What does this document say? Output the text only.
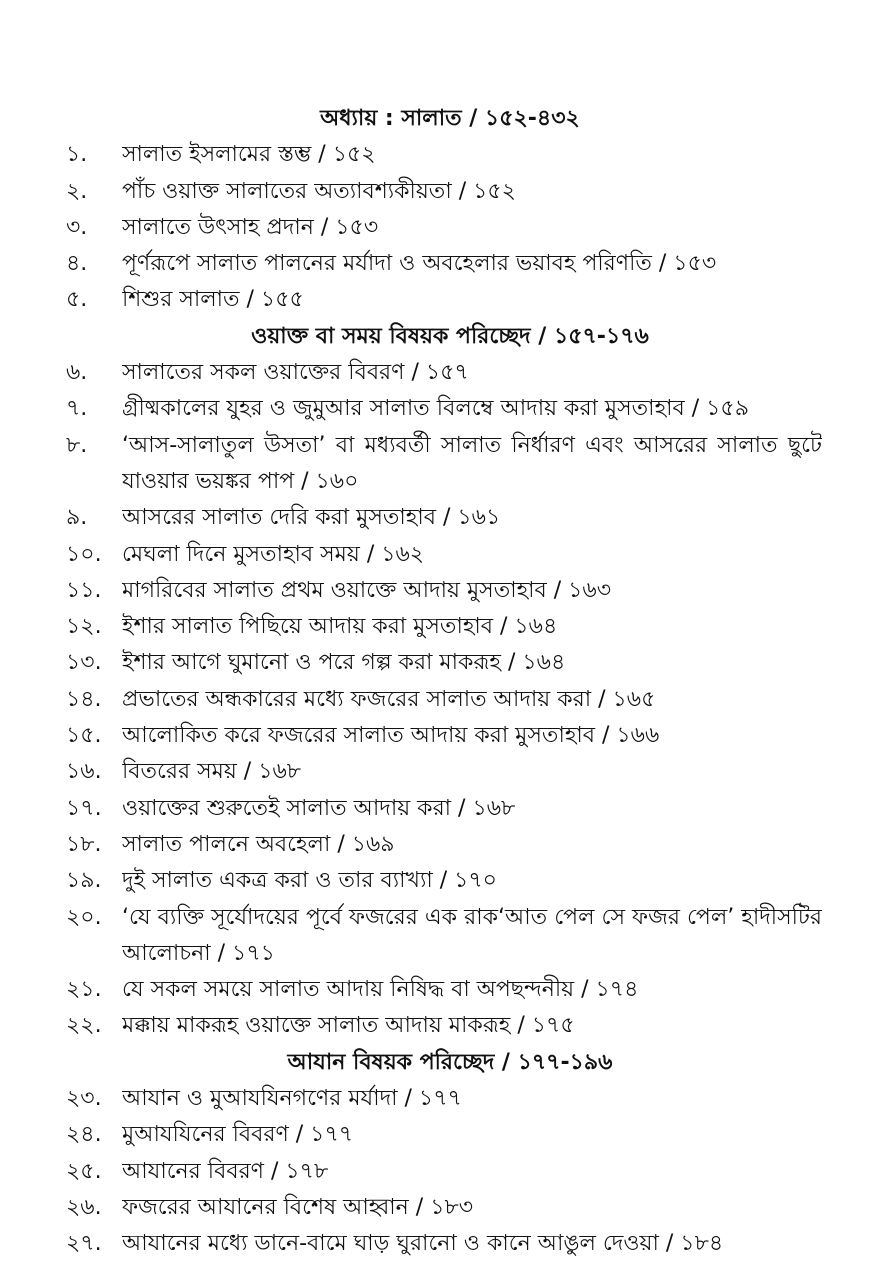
অধ্যায় : সালাত / ১৫২-৪৩২
১.	সালাত ইসলামের স্তম্ভ / ১৫২
২.	পাঁচ ওয়াক্ত সালাতের অত্যাবশ্যকীয়তা / ১৫২
৩.	সালাতে উৎসাহ প্রদান / ১৫৩
৪.	পূর্ণরূপে সালাত পালনের মর্যাদা ও অবহেলার ভয়াবহ পরিণতি / ১৫৩
৫.	শিশুর সালাত / ১৫৫
ওয়াক্ত বা সময় বিষয়ক পরিচ্ছেদ / ১৫৭-১৭৬
৬.	সালাতের সকল ওয়াক্তের বিবরণ / ১৫৭
৭.	গ্রীষ্মকালের যুহর ও জুমুআর সালাত বিলম্বে আদায় করা মুসতাহাব / ১৫৯
৮.	‘আস-সালাতুল উসতা’ বা মধ্যবর্তী সালাত নির্ধারণ এবং আসরের সালাত ছুটে যাওয়ার ভয়ঙ্কর পাপ / ১৬০
৯.	আসরের সালাত দেরি করা মুসতাহাব / ১৬১
১০. মেঘলা দিনে মুসতাহাব সময় / ১৬২
১১. মাগরিবের সালাত প্রথম ওয়াক্তে আদায় মুসতাহাব / ১৬৩
১২. ইশার সালাত পিছিয়ে আদায় করা মুসতাহাব / ১৬৪
১৩. ইশার আগে ঘুমানো ও পরে গল্প করা মাকরূহ / ১৬৪
১৪. প্রভাতের অন্ধকারের মধ্যে ফজরের সালাত আদায় করা / ১৬৫
১৫. আলোকিত করে ফজরের সালাত আদায় করা মুসতাহাব / ১৬৬
১৬. বিতরের সময় / ১৬৮
১৭. ওয়াক্তের শুরুতেই সালাত আদায় করা / ১৬৮
১৮. সালাত পালনে অবহেলা / ১৬৯
১৯. দুই সালাত একত্র করা ও তার ব্যাখ্যা / ১৭০
২০. ‘যে ব্যক্তি সূর্যোদয়ের পূর্বে ফজরের এক রাক‘আত পেল সে ফজর পেল’ হাদীসটির আলোচনা / ১৭১
২১. যে সকল সময়ে সালাত আদায় নিষিদ্ধ বা অপছন্দনীয় / ১৭৪
২২. মক্কায় মাকরূহ ওয়াক্তে সালাত আদায় মাকরূহ / ১৭৫
আযান বিষয়ক পরিচ্ছেদ / ১৭৭-১৯৬
২৩. আযান ও মুআযযিনগণের মর্যাদা / ১৭৭
২৪. মুআযযিনের বিবরণ / ১৭৭
২৫. আযানের বিবরণ / ১৭৮
২৬. ফজরের আযানের বিশেষ আহ্বান / ১৮৩
২৭. আযানের মধ্যে ডানে-বামে ঘাড় ঘুরানো ও কানে আঙুল দেওয়া / ১৮৪
